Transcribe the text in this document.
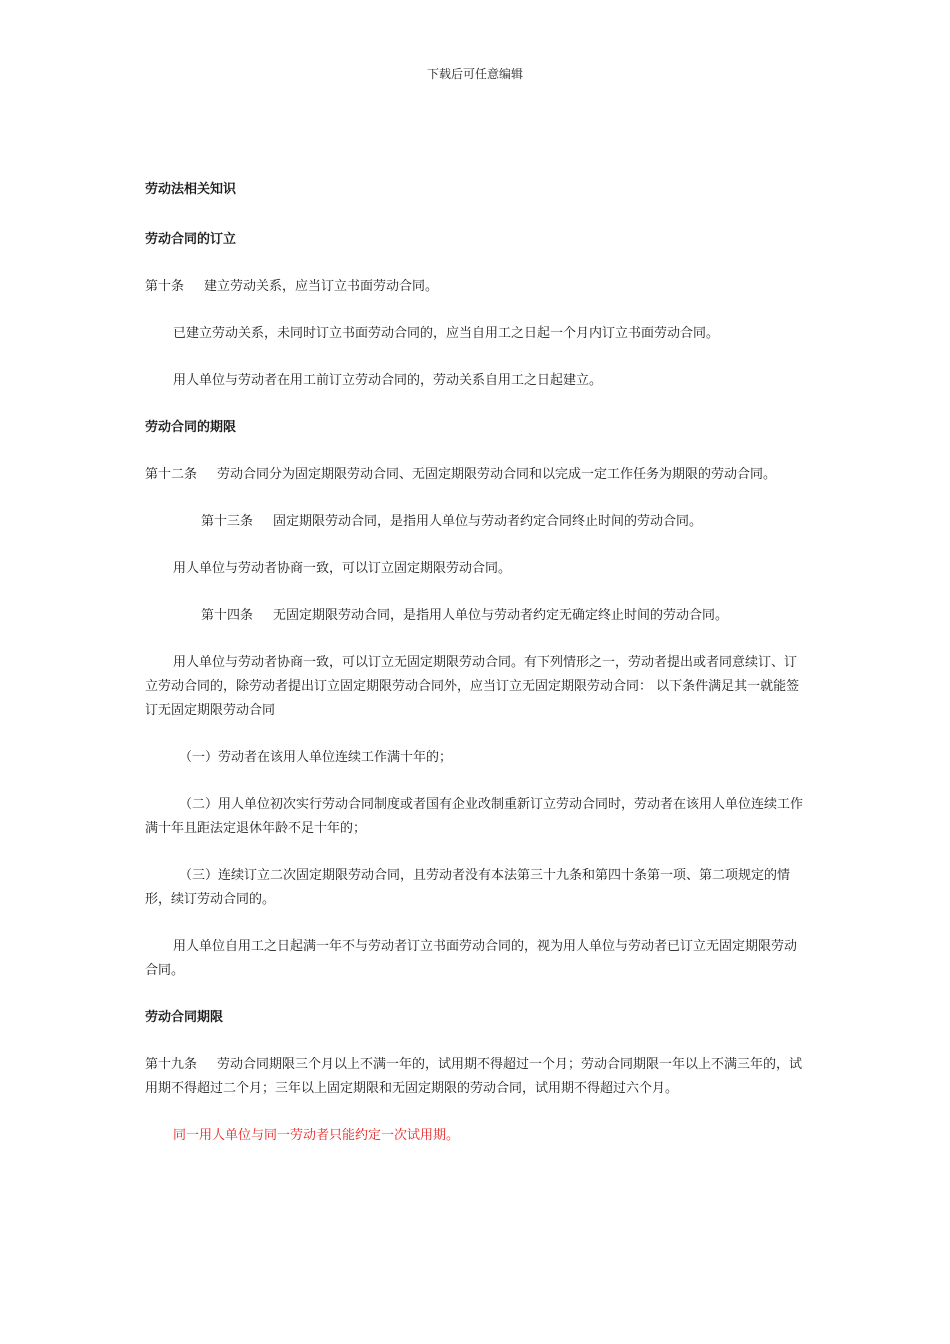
下载后可任意编辑
劳动法相关知识
劳动合同的订立
第十条 建立劳动关系，应当订立书面劳动合同。
已建立劳动关系，未同时订立书面劳动合同的，应当自用工之日起一个月内订立书面劳动合同。
用人单位与劳动者在用工前订立劳动合同的，劳动关系自用工之日起建立。
劳动合同的期限
第十二条 劳动合同分为固定期限劳动合同、无固定期限劳动合同和以完成一定工作任务为期限的劳动合同。
第十三条 固定期限劳动合同，是指用人单位与劳动者约定合同终止时间的劳动合同。
用人单位与劳动者协商一致，可以订立固定期限劳动合同。
第十四条 无固定期限劳动合同，是指用人单位与劳动者约定无确定终止时间的劳动合同。
用人单位与劳动者协商一致，可以订立无固定期限劳动合同。有下列情形之一，劳动者提出或者同意续订、订立劳动合同的，除劳动者提出订立固定期限劳动合同外，应当订立无固定期限劳动合同： 以下条件满足其一就能签订无固定期限劳动合同
（一）劳动者在该用人单位连续工作满十年的；
（二）用人单位初次实行劳动合同制度或者国有企业改制重新订立劳动合同时，劳动者在该用人单位连续工作满十年且距法定退休年龄不足十年的；
（三）连续订立二次固定期限劳动合同，且劳动者没有本法第三十九条和第四十条第一项、第二项规定的情形，续订劳动合同的。
用人单位自用工之日起满一年不与劳动者订立书面劳动合同的，视为用人单位与劳动者已订立无固定期限劳动合同。
劳动合同期限
第十九条 劳动合同期限三个月以上不满一年的，试用期不得超过一个月；劳动合同期限一年以上不满三年的，试用期不得超过二个月；三年以上固定期限和无固定期限的劳动合同，试用期不得超过六个月。
同一用人单位与同一劳动者只能约定一次试用期。
